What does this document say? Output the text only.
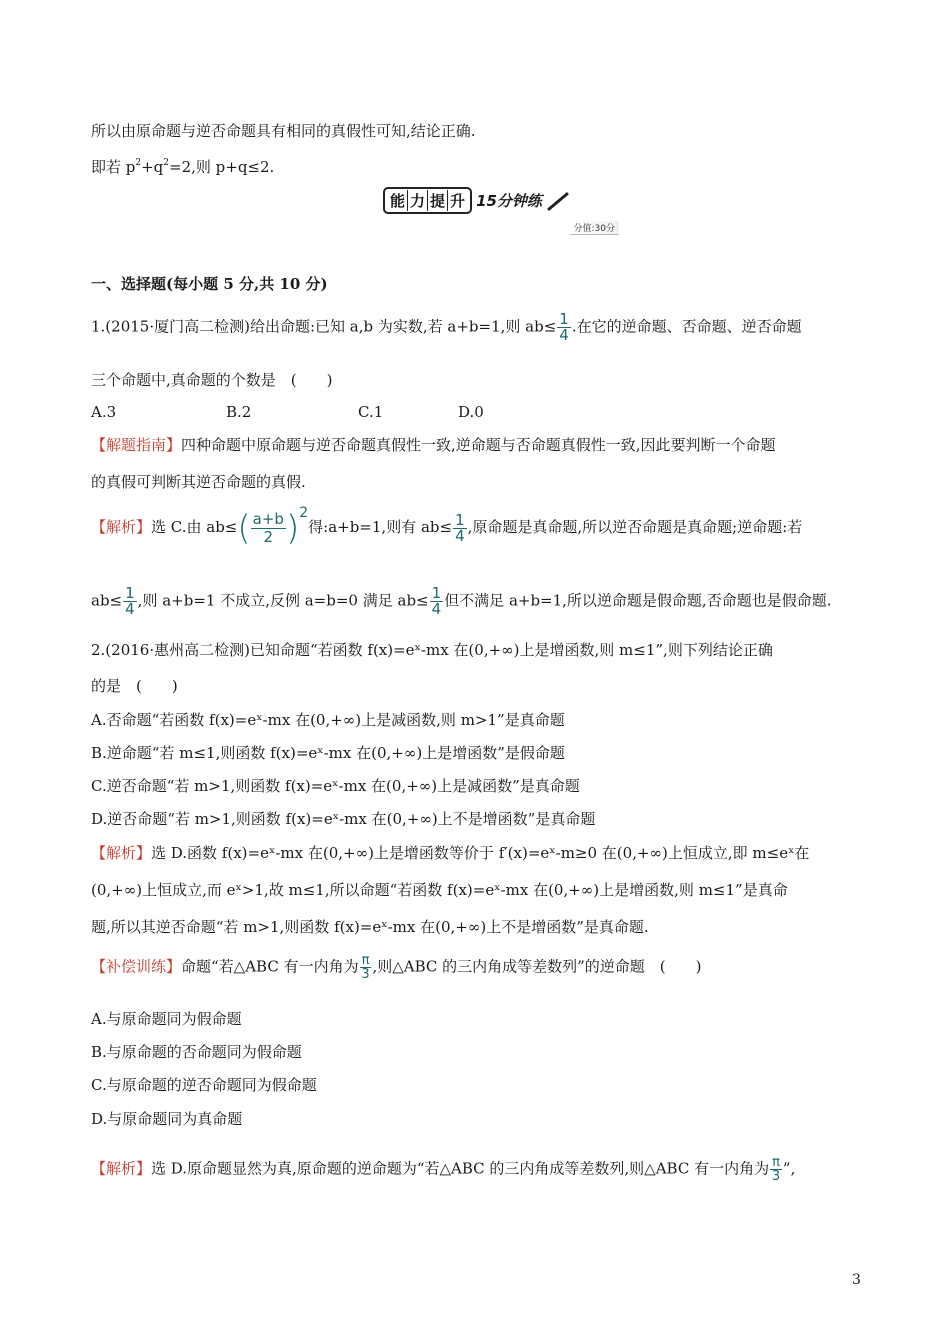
所以由原命题与逆否命题具有相同的真假性可知,结论正确.
即若 $p^2+q^2=2$,则 p+q≤2.
能 力 提 升 15分钟练
分值:30分
一、选择题(每小题 5 分,共 10 分)
1.(2015·厦门高二检测)给出命题:已知 a,b 为实数,若 a+b=1,则 $ab\le \frac{1}{4}$ .在它的逆命题、否命题、逆否命题
三个命题中,真命题的个数是　(　　)
A.3	B.2	C.1	D.0
【解题指南】四种命题中原命题与逆否命题真假性一致,逆命题与否命题真假性一致,因此要判断一个命题
的真假可判断其逆否命题的真假.
【解析】选 C.由 $ab\le( \frac{a+b}{2} )^2$得:a+b=1,则有 $ab\le \frac{1}{4}$ ,原命题是真命题,所以逆否命题是真命题;逆命题:若
$ab\le \frac{1}{4}$ ,则 a+b=1 不成立,反例 a=b=0 满足 $ab\le \frac{1}{4}$ 但不满足 a+b=1,所以逆命题是假命题,否命题也是假命题.
2.(2016·惠州高二检测)已知命题“若函数 f(x)=eˣ-mx 在(0,+∞)上是增函数,则 m≤1”,则下列结论正确
的是　(　　)
A.否命题“若函数 f(x)=eˣ-mx 在(0,+∞)上是减函数,则 m>1”是真命题
B.逆命题“若 m≤1,则函数 f(x)=eˣ-mx 在(0,+∞)上是增函数”是假命题
C.逆否命题“若 m>1,则函数 f(x)=eˣ-mx 在(0,+∞)上是减函数”是真命题
D.逆否命题“若 m>1,则函数 f(x)=eˣ-mx 在(0,+∞)上不是增函数”是真命题
【解析】选 D.函数 f(x)=eˣ-mx 在(0,+∞)上是增函数等价于 f′(x)=eˣ-m≥0 在(0,+∞)上恒成立,即 m≤eˣ在
(0,+∞)上恒成立,而 eˣ>1,故 m≤1,所以命题“若函数 f(x)=eˣ-mx 在(0,+∞)上是增函数,则 m≤1”是真命
题,所以其逆否命题“若 m>1,则函数 f(x)=eˣ-mx 在(0,+∞)上不是增函数”是真命题.
【补偿训练】命题“若△ABC 有一内角为 $\frac{\pi}{3}$ ,则△ABC 的三内角成等差数列”的逆命题　(　　)
A.与原命题同为假命题
B.与原命题的否命题同为假命题
C.与原命题的逆否命题同为假命题
D.与原命题同为真命题
【解析】选 D.原命题显然为真,原命题的逆命题为“若△ABC 的三内角成等差数列,则△ABC 有一内角为 $\frac{\pi}{3}$ ”,
3
